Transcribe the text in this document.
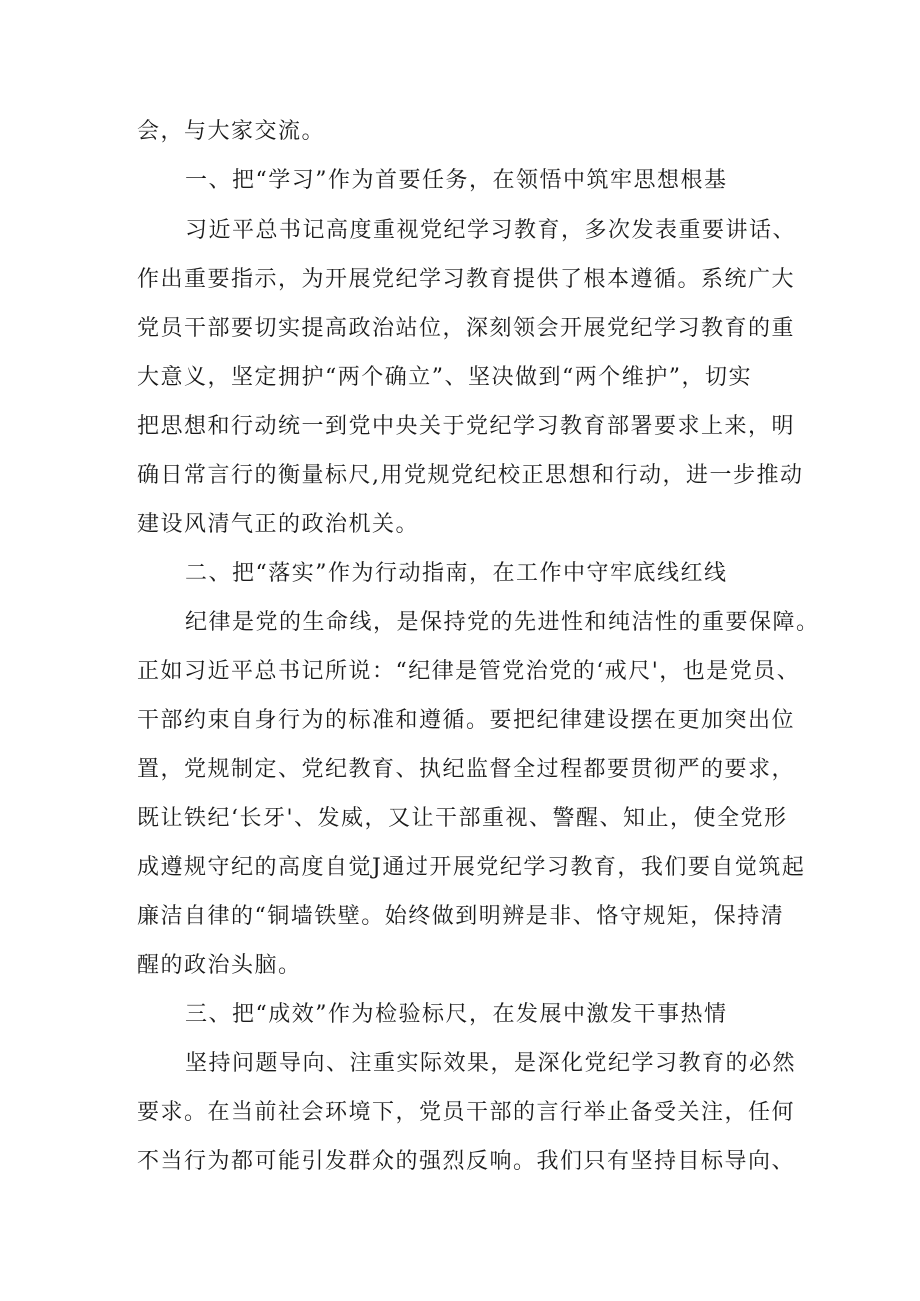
会，与大家交流。
一、把“学习”作为首要任务，在领悟中筑牢思想根基
习近平总书记高度重视党纪学习教育，多次发表重要讲话、
作出重要指示，为开展党纪学习教育提供了根本遵循。系统广大
党员干部要切实提高政治站位，深刻领会开展党纪学习教育的重
大意义，坚定拥护“两个确立”、坚决做到“两个维护”，切实
把思想和行动统一到党中央关于党纪学习教育部署要求上来，明
确日常言行的衡量标尺,用党规党纪校正思想和行动，进一步推动
建设风清气正的政治机关。
二、把“落实”作为行动指南，在工作中守牢底线红线
纪律是党的生命线，是保持党的先进性和纯洁性的重要保障。
正如习近平总书记所说：“纪律是管党治党的‘戒尺'，也是党员、
干部约束自身行为的标准和遵循。要把纪律建设摆在更加突出位
置，党规制定、党纪教育、执纪监督全过程都要贯彻严的要求，
既让铁纪‘长牙'、发威，又让干部重视、警醒、知止，使全党形
成遵规守纪的高度自觉J通过开展党纪学习教育，我们要自觉筑起
廉洁自律的“铜墙铁壁。始终做到明辨是非、恪守规矩，保持清
醒的政治头脑。
三、把“成效”作为检验标尺，在发展中激发干事热情
坚持问题导向、注重实际效果，是深化党纪学习教育的必然
要求。在当前社会环境下，党员干部的言行举止备受关注，任何
不当行为都可能引发群众的强烈反响。我们只有坚持目标导向、
